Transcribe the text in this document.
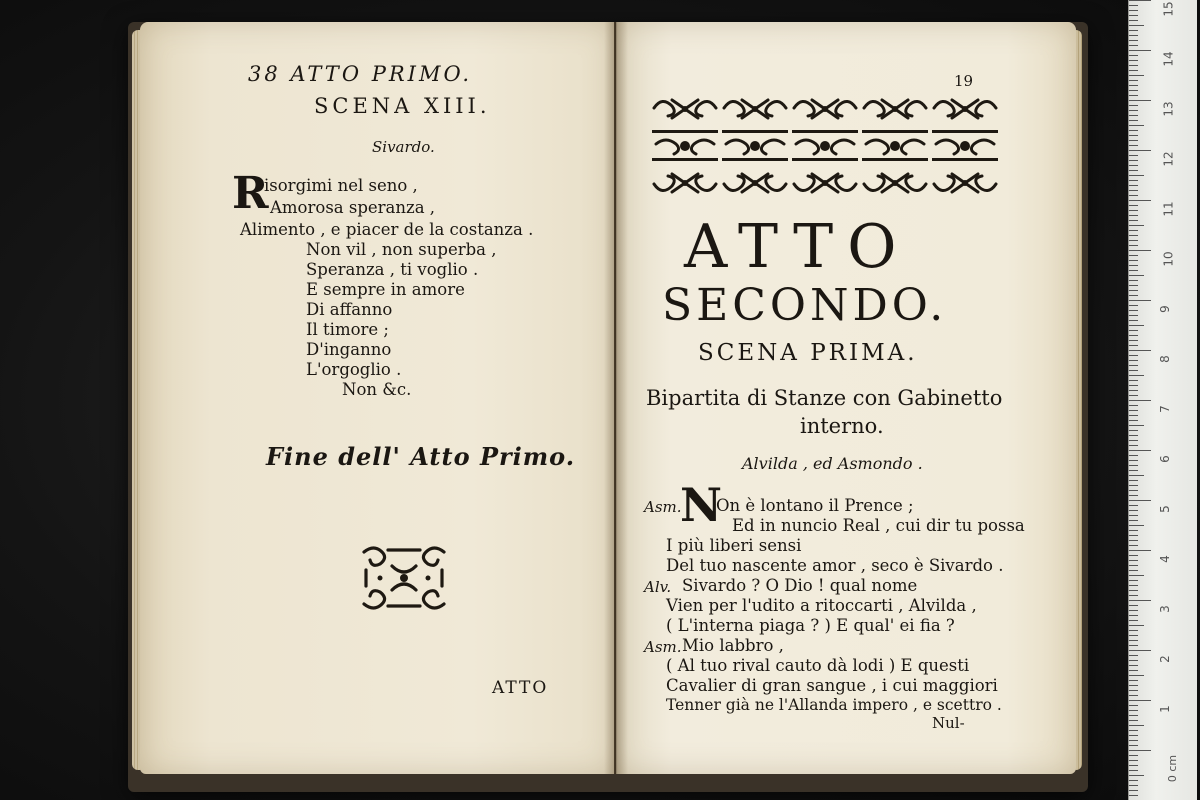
38 ATTO PRIMO.
SCENA XIII.
Sivardo.
R
isorgimi nel seno ,
Amorosa speranza ,
Alimento , e piacer de la costanza .
Non vil , non superba ,
Speranza , ti voglio .
E sempre in amore
Di affanno
Il timore ;
D'inganno
L'orgoglio .
Non &c.
Fine dell' Atto Primo.
ATTO
19
ATTO
SECONDO.
SCENA PRIMA.
Bipartita di Stanze con Gabinetto
interno.
Alvilda , ed Asmondo .
N
Asm. On è lontano il Prence ;
Ed in nuncio Real , cui dir tu possa
I più liberi sensi
Del tuo nascente amor , seco è Sivardo .
Alv. Sivardo ? O Dio ! qual nome
Vien per l'udito a ritoccarti , Alvilda ,
( L'interna piaga ? ) E qual' ei fia ?
Asm. Mio labbro ,
( Al tuo rival cauto dà lodi ) E questi
Cavalier di gran sangue , i cui maggiori
Tenner già ne l'Allanda impero , e scettro .
Nul-
15
14
13
12
11
10
9
8
7
6
5
4
3
2
1
0 cm
